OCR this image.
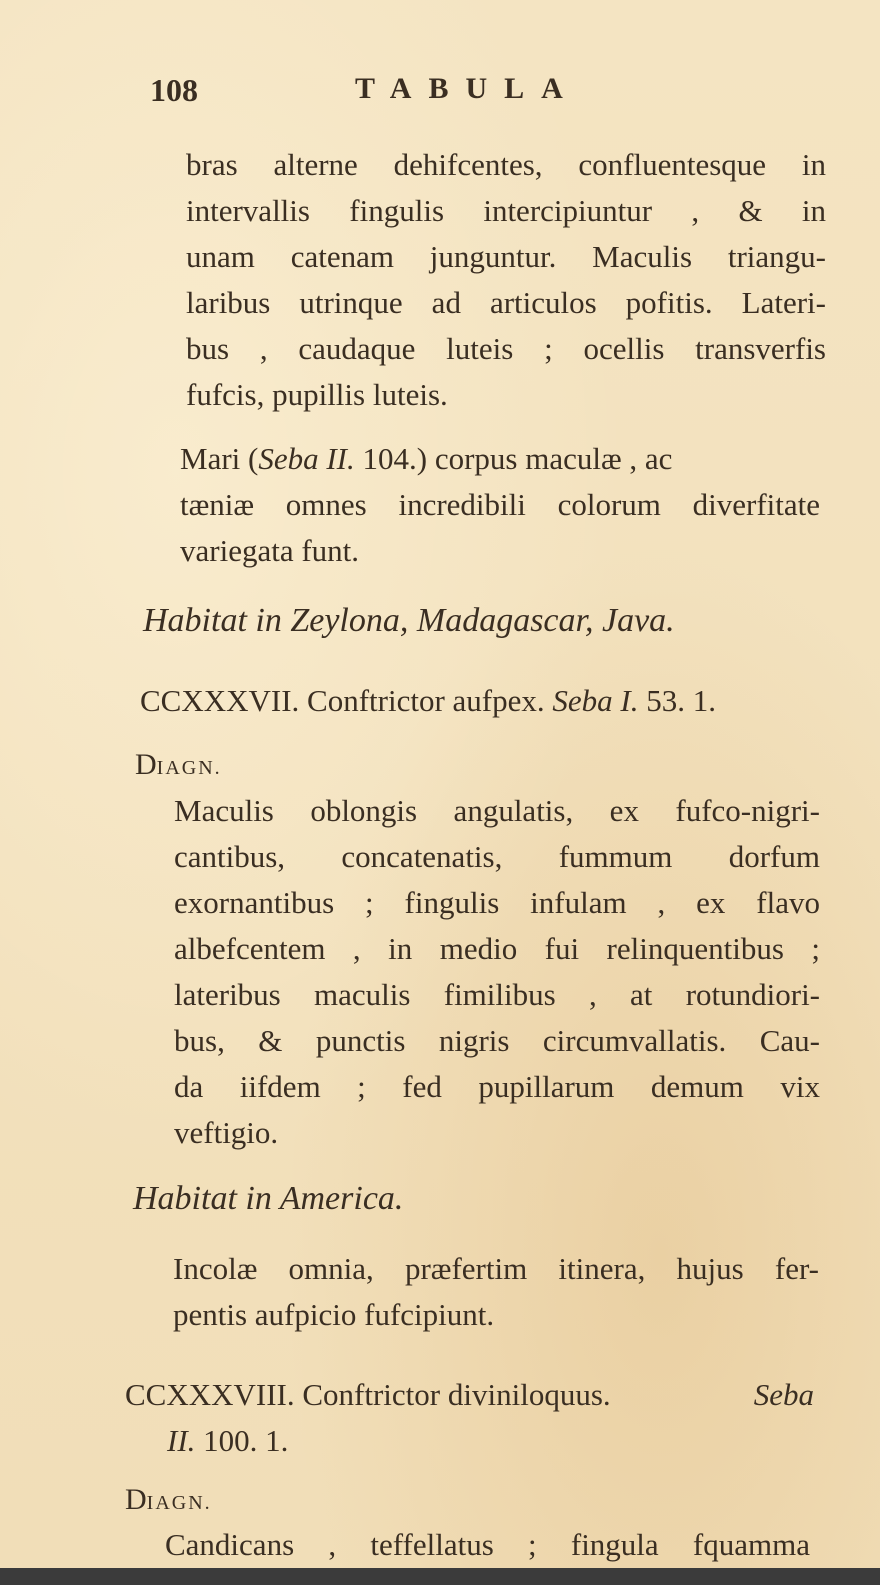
108	TABULA
bras alterne dehifcentes, confluentesque in
intervallis fingulis intercipiuntur , & in
unam catenam junguntur. Maculis triangu-
laribus utrinque ad articulos pofitis. Lateri-
bus , caudaque luteis ; ocellis transverfis
fufcis, pupillis luteis.
Mari (Seba II. 104.) corpus maculæ , ac
tæniæ omnes incredibili colorum diverfitate
variegata funt.
Habitat in Zeylona, Madagascar, Java.
CCXXXVII. Conftrictor aufpex. Seba I. 53. 1.
DIAGN.
Maculis oblongis angulatis, ex fufco-nigri-
cantibus, concatenatis, fummum dorfum
exornantibus ; fingulis infulam , ex flavo
albefcentem , in medio fui relinquentibus ;
lateribus maculis fimilibus , at rotundiori-
bus, & punctis nigris circumvallatis. Cau-
da iifdem ; fed pupillarum demum vix
veftigio.
Habitat in America.
Incolæ omnia, præfertim itinera, hujus fer-
pentis aufpicio fufcipiunt.
CCXXXVIII. Conftrictor diviniloquus.	Seba
II. 100. 1.
DIAGN.
Candicans , teffellatus ; fingula fquamma
